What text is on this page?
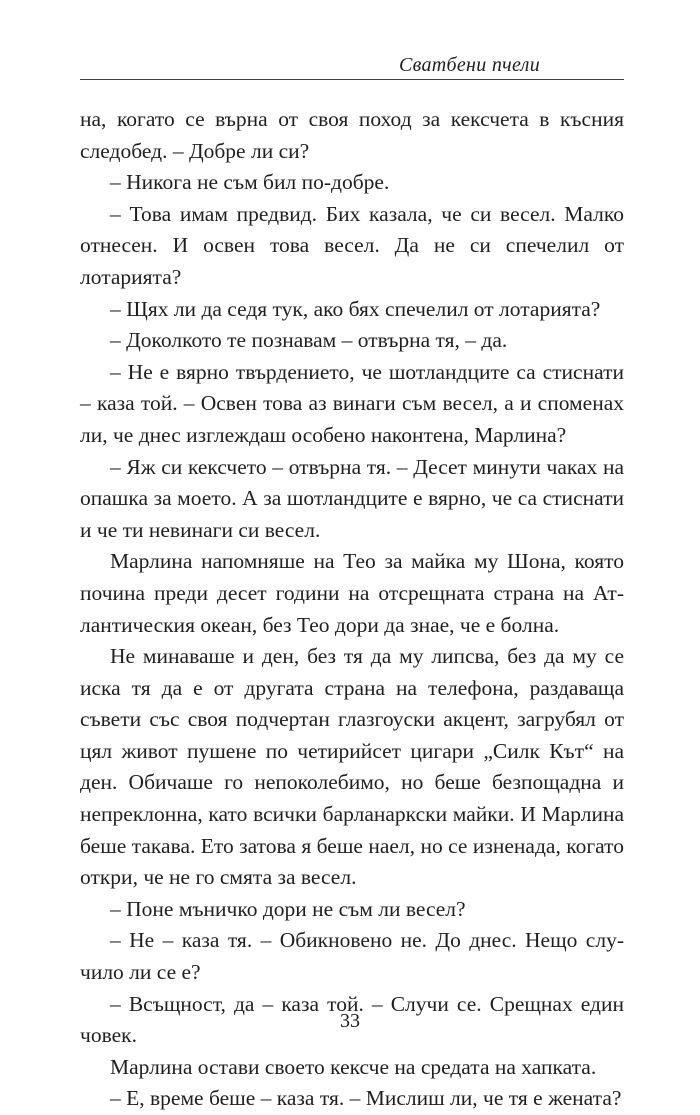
Сватбени пчели

на, когато се върна от своя поход за кексчета в късния следобед. – Добре ли си?

– Никога не съм бил по-добре.

– Това имам предвид. Бих казала, че си весел. Малко отнесен. И освен това весел. Да не си спечелил от лотарията?

– Щях ли да седя тук, ако бях спечелил от лотарията?

– Доколкото те познавам – отвърна тя, – да.

– Не е вярно твърдението, че шотландците са стиснати – каза той. – Освен това аз винаги съм весел, а и споменах ли, че днес изглеждаш особено наконтена, Марлина?

– Яж си кексчето – отвърна тя. – Десет минути чаках на опашка за моето. А за шотландците е вярно, че са стиснати и че ти невинаги си весел.

Марлина напомняше на Тео за майка му Шона, която почина преди десет години на отсрещната страна на Атлантическия океан, без Тео дори да знае, че е болна.

Не минаваше и ден, без тя да му липсва, без да му се иска тя да е от другата страна на телефона, раздаваща съвети със своя подчертан глазгоуски акцент, загрубял от цял живот пушене по четирийсет цигари „Силк Кът“ на ден. Обичаше го непоколебимо, но беше безпощадна и непреклонна, като всички барланаркски майки. И Марлина беше такава. Ето затова я беше наел, но се изненада, когато откри, че не го смята за весел.

– Поне мъничко дори не съм ли весел?

– Не – каза тя. – Обикновено не. До днес. Нещо случило ли се е?

– Всъщност, да – каза той. – Случи се. Срещнах един човек.

Марлина остави своето кексче на средата на хапката.

– Е, време беше – каза тя. – Мислиш ли, че тя е жената?

33
